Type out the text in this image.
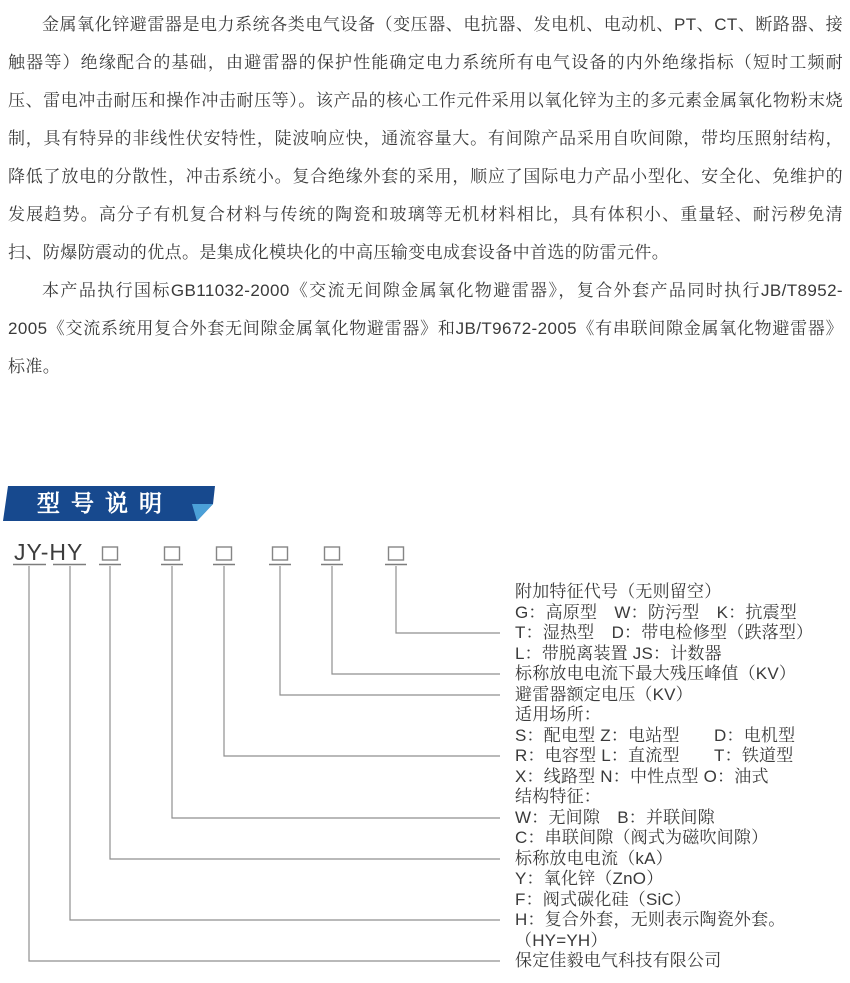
金属氧化锌避雷器是电力系统各类电气设备（变压器、电抗器、发电机、电动机、PT、CT、断路器、接触器等）绝缘配合的基础，由避雷器的保护性能确定电力系统所有电气设备的内外绝缘指标（短时工频耐压、雷电冲击耐压和操作冲击耐压等）。该产品的核心工作元件采用以氧化锌为主的多元素金属氧化物粉末烧制，具有特异的非线性伏安特性，陡波响应快，通流容量大。有间隙产品采用自吹间隙，带均压照射结构，降低了放电的分散性，冲击系统小。复合绝缘外套的采用，顺应了国际电力产品小型化、安全化、免维护的发展趋势。高分子有机复合材料与传统的陶瓷和玻璃等无机材料相比，具有体积小、重量轻、耐污秽免清扫、防爆防震动的优点。是集成化模块化的中高压输变电成套设备中首选的防雷元件。

本产品执行国标GB11032-2000《交流无间隙金属氧化物避雷器》，复合外套产品同时执行JB/T8952-2005《交流系统用复合外套无间隙金属氧化物避雷器》和JB/T9672-2005《有串联间隙金属氧化物避雷器》标准。

型号说明
JY-HY
附加特征代号（无则留空）
G：高原型　W：防污型　K：抗震型
T：湿热型　D：带电检修型（跌落型）
L：带脱离装置 JS：计数器
标称放电电流下最大残压峰值（KV）
避雷器额定电压（KV）
适用场所：
S：配电型 Z：电站型　　D：电机型
R：电容型 L：直流型　　T：铁道型
X：线路型 N：中性点型 O：油式
结构特征：
W：无间隙　B：并联间隙
C：串联间隙（阀式为磁吹间隙）
标称放电电流（kA）
Y：氧化锌（ZnO）
F：阀式碳化硅（SiC）
H：复合外套，无则表示陶瓷外套。
（HY=YH）
保定佳毅电气科技有限公司
